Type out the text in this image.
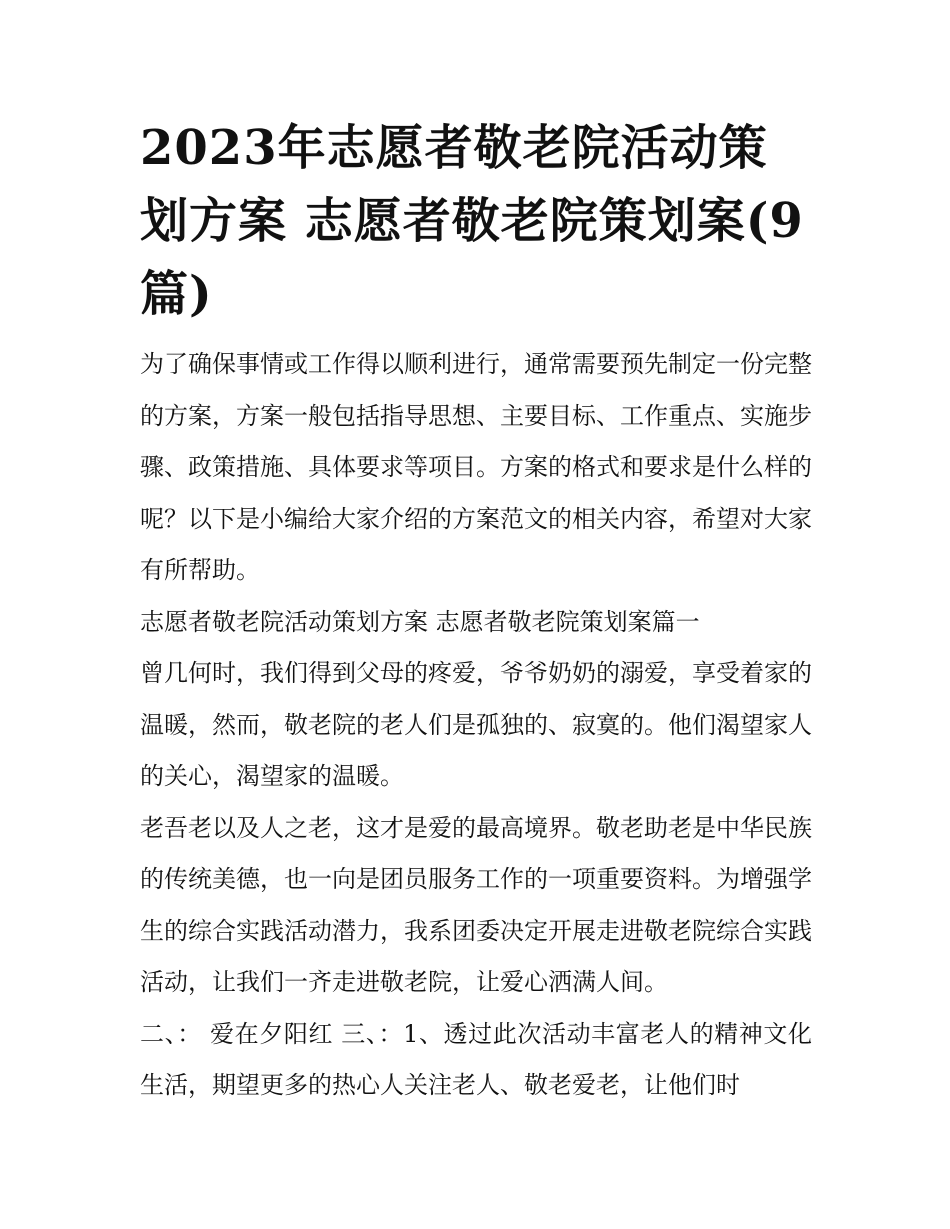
2023年志愿者敬老院活动策划方案 志愿者敬老院策划案(9篇)

为了确保事情或工作得以顺利进行，通常需要预先制定一份完整的方案，方案一般包括指导思想、主要目标、工作重点、实施步骤、政策措施、具体要求等项目。方案的格式和要求是什么样的呢？以下是小编给大家介绍的方案范文的相关内容，希望对大家有所帮助。

志愿者敬老院活动策划方案 志愿者敬老院策划案篇一

曾几何时，我们得到父母的疼爱，爷爷奶奶的溺爱，享受着家的温暖，然而，敬老院的老人们是孤独的、寂寞的。他们渴望家人的关心，渴望家的温暖。

老吾老以及人之老，这才是爱的最高境界。敬老助老是中华民族的传统美德，也一向是团员服务工作的一项重要资料。为增强学生的综合实践活动潜力，我系团委决定开展走进敬老院综合实践活动，让我们一齐走进敬老院，让爱心洒满人间。

二、： 爱在夕阳红 三、：1、透过此次活动丰富老人的精神文化生活，期望更多的热心人关注老人、敬老爱老，让他们时
